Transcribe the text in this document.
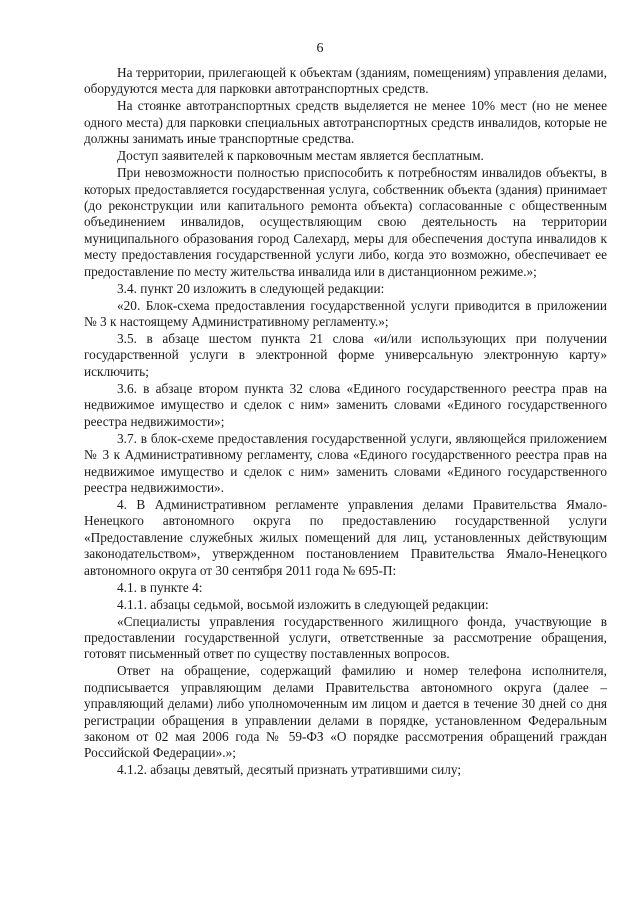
6

На территории, прилегающей к объектам (зданиям, помещениям) управления делами, оборудуются места для парковки автотранспортных средств.

На стоянке автотранспортных средств выделяется не менее 10% мест (но не менее одного места) для парковки специальных автотранспортных средств инвалидов, которые не должны занимать иные транспортные средства.

Доступ заявителей к парковочным местам является бесплатным.

При невозможности полностью приспособить к потребностям инвалидов объекты, в которых предоставляется государственная услуга, собственник объекта (здания) принимает (до реконструкции или капитального ремонта объекта) согласованные с общественным объединением инвалидов, осуществляющим свою деятельность на территории муниципального образования город Салехард, меры для обеспечения доступа инвалидов к месту предоставления государственной услуги либо, когда это возможно, обеспечивает ее предоставление по месту жительства инвалида или в дистанционном режиме.»;

3.4. пункт 20 изложить в следующей редакции:

«20. Блок-схема предоставления государственной услуги приводится в приложении № 3 к настоящему Административному регламенту.»;

3.5. в абзаце шестом пункта 21 слова «и/или использующих при получении государственной услуги в электронной форме универсальную электронную карту» исключить;

3.6. в абзаце втором пункта 32 слова «Единого государственного реестра прав на недвижимое имущество и сделок с ним» заменить словами «Единого государственного реестра недвижимости»;

3.7. в блок-схеме предоставления государственной услуги, являющейся приложением № 3 к Административному регламенту, слова «Единого государственного реестра прав на недвижимое имущество и сделок с ним» заменить словами «Единого государственного реестра недвижимости».

4. В Административном регламенте управления делами Правительства Ямало-Ненецкого автономного округа по предоставлению государственной услуги «Предоставление служебных жилых помещений для лиц, установленных действующим законодательством», утвержденном постановлением Правительства Ямало-Ненецкого автономного округа от 30 сентября 2011 года № 695-П:

4.1. в пункте 4:

4.1.1. абзацы седьмой, восьмой изложить в следующей редакции:

«Специалисты управления государственного жилищного фонда, участвующие в предоставлении государственной услуги, ответственные за рассмотрение обращения, готовят письменный ответ по существу поставленных вопросов.

Ответ на обращение, содержащий фамилию и номер телефона исполнителя, подписывается управляющим делами Правительства автономного округа (далее – управляющий делами) либо уполномоченным им лицом и дается в течение 30 дней со дня регистрации обращения в управлении делами в порядке, установленном Федеральным законом от 02 мая 2006 года № 59-ФЗ «О порядке рассмотрения обращений граждан Российской Федерации».»;

4.1.2. абзацы девятый, десятый признать утратившими силу;
